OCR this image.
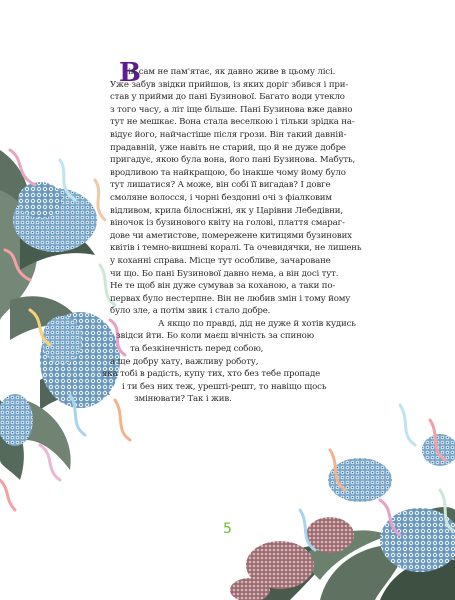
В
ін сам не пам'ятає, як давно живе в цьому лісі.
Уже забув звідки прийшов, із яких доріг збився і при-
став у прийми до пані Бузинової. Багато води утекло
з того часу, а літ іще більше. Пані Бузинова вже давно
тут не мешкає. Вона стала веселкою і тільки зрідка на-
відує його, найчастіше після грози. Він такий давній-
прадавній, уже навіть не старий, що й не дуже добре
пригадує, якою була вона, його пані Бузинова. Мабуть,
вродливою та найкращою, бо інакше чому йому було
тут лишатися? А може, він собі її вигадав? І довге
смоляне волосся, і чорні бездонні очі з фіалковим
відливом, крила білосніжні, як у Царівни Лебедівни,
віночок із бузинового квіту на голові, плаття смараг-
дове чи аметистове, помережене китицями бузинових
квітів і темно-вишневі коралі. Та очевидячки, не лишень
у коханні справа. Місце тут особливе, зачароване
чи що. Бо пані Бузинової давно нема, а він досі тут.
Не те щоб він дуже сумував за коханою, а таки по-
первах було нестерпне. Він не любив змін і тому йому
було зле, а потім звик і стало добре.
А якщо по правді, дід не дуже й хотів кудись
звідси йти. Бо коли маєш вічність за спиною
та безкінечність перед собою,
а ще добру хату, важливу роботу,
яка тобі в радість, купу тих, хто без тебе пропаде
і ти без них теж, урешті-решт, то навіщо щось
змінювати? Так і жив.
5
